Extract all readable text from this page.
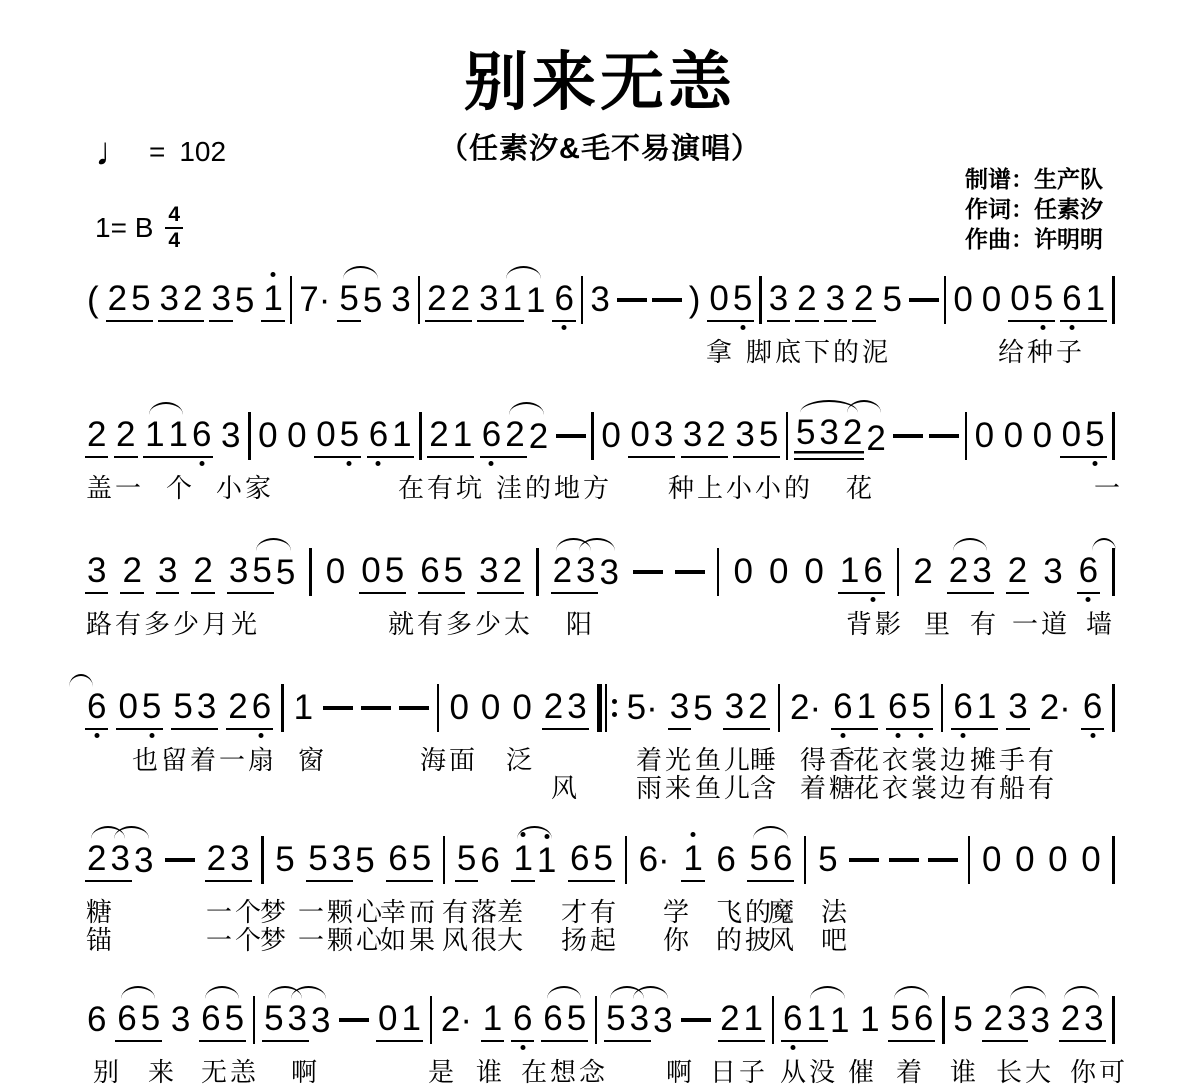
别来无恙
（任素汐&毛不易演唱）
♩ = 102
1= B $\frac{4}{4}$
制谱：生产队
作词：任素汐
作曲：许明明
( 2 5 3 2 3 5 1 7· 5 5 3 2 2 3 1 1 6 3 ) 0 5 3 2 3 2 5 0 0 0 5 6 1
拿 脚底下的泥	给种子
2 2 1 1 6 3 0 0 0 5 6 1 2 1 6 2 2 0 0 3 3 2 3 5 5 3 2 2	0 0 0 0 5
盖一 个 小家	在有坑 洼的地方 种上小小的 花	一
3 2 3 2 3 5 5 0 0 5 6 5 3 2 2 3 3	0 0 0 1 6 2 2 3 2 3 6
路有多少月光	就有多少太 阳	背影 里 有 一道 墙
6 0 5 5 3 2 6 1	0 0 0 2 3 5· 3 5 3 2 2· 6 1 6 5 6 1 3 2· 6
也留着一扇 窗	海面 泛	着光 鱼儿
睡 得香
花衣 裳边 摊手 有
风 雨来 鱼儿
含 着糖
花衣 裳边 有船 有
2 3 3 2 3 5 5 3 5 6 5 5 6 1 1 6 5 6· 1 6 5 6 5	0 0 0 0
糖	一个
梦 一颗心
幸而 有落
差 才有 学 飞的
魔 法
锚	一个
梦 一颗心
如果 风很
大 扬起 你 的披
风 吧
6 6 5 3 6 5 5 3 3 0 1 2· 1 6 6 5 5 3 3 2 1 6 1 1 1 5 6 5 2 3 3 2 3
别 来 无恙 啊	是 谁 在想念 啊 日子 从没 催 着 谁 长大 你可
